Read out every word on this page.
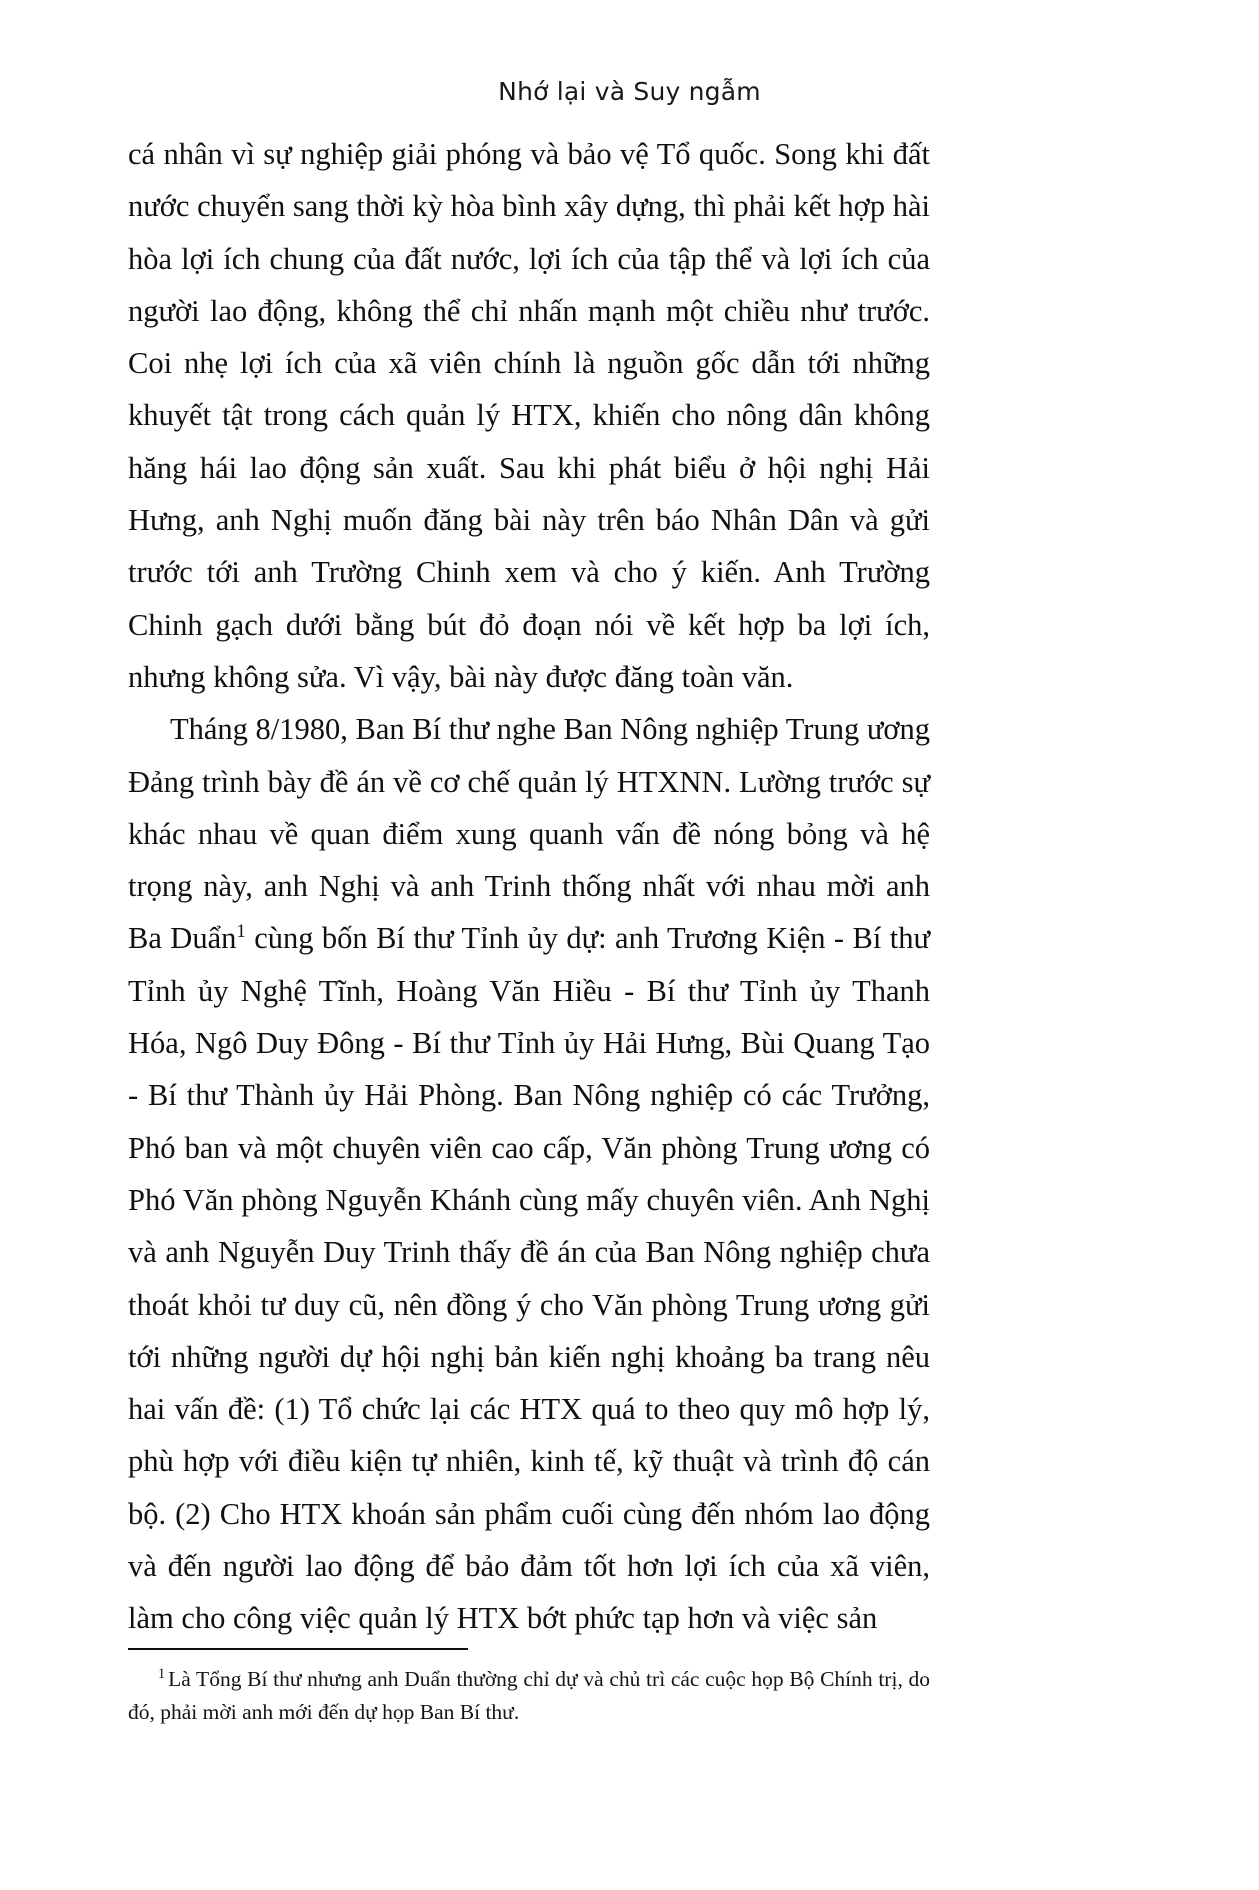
Nhớ lại và Suy ngẫm

cá nhân vì sự nghiệp giải phóng và bảo vệ Tổ quốc. Song khi đất nước chuyển sang thời kỳ hòa bình xây dựng, thì phải kết hợp hài hòa lợi ích chung của đất nước, lợi ích của tập thể và lợi ích của người lao động, không thể chỉ nhấn mạnh một chiều như trước. Coi nhẹ lợi ích của xã viên chính là nguồn gốc dẫn tới những khuyết tật trong cách quản lý HTX, khiến cho nông dân không hăng hái lao động sản xuất. Sau khi phát biểu ở hội nghị Hải Hưng, anh Nghị muốn đăng bài này trên báo Nhân Dân và gửi trước tới anh Trường Chinh xem và cho ý kiến. Anh Trường Chinh gạch dưới bằng bút đỏ đoạn nói về kết hợp ba lợi ích, nhưng không sửa. Vì vậy, bài này được đăng toàn văn.

Tháng 8/1980, Ban Bí thư nghe Ban Nông nghiệp Trung ương Đảng trình bày đề án về cơ chế quản lý HTXNN. Lường trước sự khác nhau về quan điểm xung quanh vấn đề nóng bỏng và hệ trọng này, anh Nghị và anh Trinh thống nhất với nhau mời anh Ba Duẩn$^1$ cùng bốn Bí thư Tỉnh ủy dự: anh Trương Kiện - Bí thư Tỉnh ủy Nghệ Tĩnh, Hoàng Văn Hiều - Bí thư Tỉnh ủy Thanh Hóa, Ngô Duy Đông - Bí thư Tỉnh ủy Hải Hưng, Bùi Quang Tạo - Bí thư Thành ủy Hải Phòng. Ban Nông nghiệp có các Trưởng, Phó ban và một chuyên viên cao cấp, Văn phòng Trung ương có Phó Văn phòng Nguyễn Khánh cùng mấy chuyên viên. Anh Nghị và anh Nguyễn Duy Trinh thấy đề án của Ban Nông nghiệp chưa thoát khỏi tư duy cũ, nên đồng ý cho Văn phòng Trung ương gửi tới những người dự hội nghị bản kiến nghị khoảng ba trang nêu hai vấn đề: (1) Tổ chức lại các HTX quá to theo quy mô hợp lý, phù hợp với điều kiện tự nhiên, kinh tế, kỹ thuật và trình độ cán bộ. (2) Cho HTX khoán sản phẩm cuối cùng đến nhóm lao động và đến người lao động để bảo đảm tốt hơn lợi ích của xã viên, làm cho công việc quản lý HTX bớt phức tạp hơn và việc sản

$^1$ Là Tổng Bí thư nhưng anh Duẩn thường chỉ dự và chủ trì các cuộc họp Bộ Chính trị, do đó, phải mời anh mới đến dự họp Ban Bí thư.
